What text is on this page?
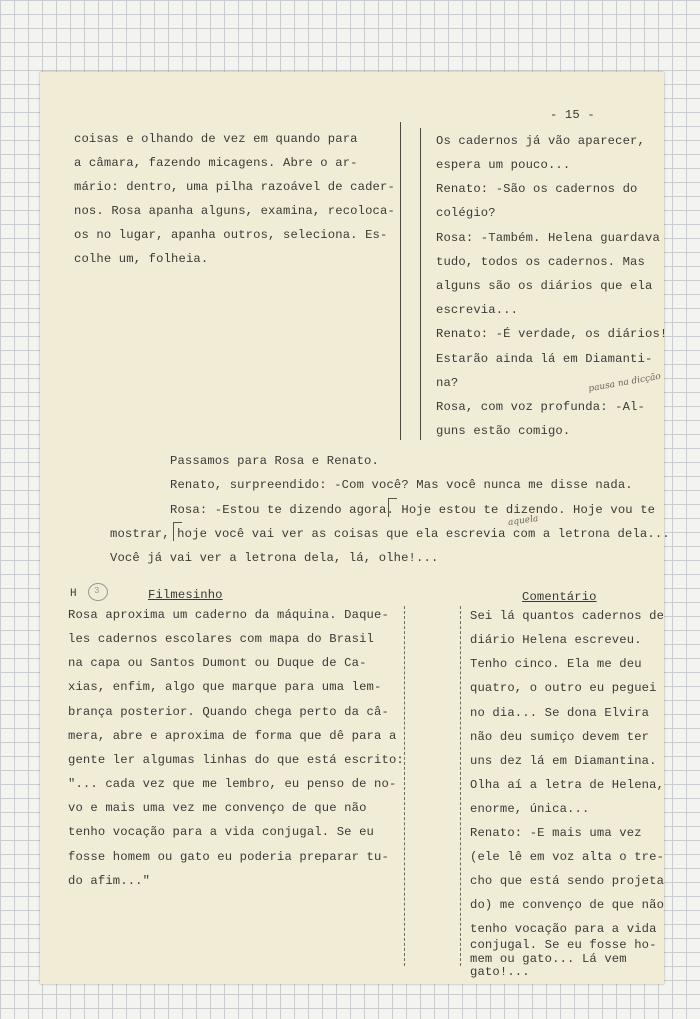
- 15 -
coisas e olhando de vez em quando para
a câmara, fazendo micagens. Abre o ar-
mário: dentro, uma pilha razoável de cader-
nos. Rosa apanha alguns, examina, recoloca-
os no lugar, apanha outros, seleciona. Es-
colhe um, folheia.
Os cadernos já vão aparecer,
espera um pouco...
Renato: -São os cadernos do
colégio?
Rosa: -Também. Helena guardava
tudo, todos os cadernos. Mas
alguns são os diários que ela
escrevia...
Renato: -É verdade, os diários!
Estarão ainda lá em Diamanti-
na?
Rosa, com voz profunda: -Al-
guns estão comigo.
pausa na dicção
Passamos para Rosa e Renato.
Renato, surpreendido: -Com você? Mas você nunca me disse nada.
Rosa: -Estou te dizendo agora. Hoje estou te dizendo. Hoje vou te
mostrar, hoje você vai ver as coisas que ela escrevia com a letrona dela...
Você já vai ver a letrona dela, lá, olhe!...
aquela
H 3	Filmesinho	Comentário
Rosa aproxima um caderno da máquina. Daque-
les cadernos escolares com mapa do Brasil
na capa ou Santos Dumont ou Duque de Ca-
xias, enfim, algo que marque para uma lem-
brança posterior. Quando chega perto da câ-
mera, abre e aproxima de forma que dê para a
gente ler algumas linhas do que está escrito:
"... cada vez que me lembro, eu penso de no-
vo e mais uma vez me convenço de que não
tenho vocação para a vida conjugal. Se eu
fosse homem ou gato eu poderia preparar tu-
do afim..."
Sei lá quantos cadernos de
diário Helena escreveu.
Tenho cinco. Ela me deu
quatro, o outro eu peguei
no dia... Se dona Elvira
não deu sumiço devem ter
uns dez lá em Diamantina.
Olha aí a letra de Helena,
enorme, única...
Renato: -E mais uma vez
(ele lê em voz alta o tre-
cho que está sendo projeta
do) me convenço de que não
tenho vocação para a vida
conjugal. Se eu fosse ho-
mem ou gato... Lá vem
gato!...
